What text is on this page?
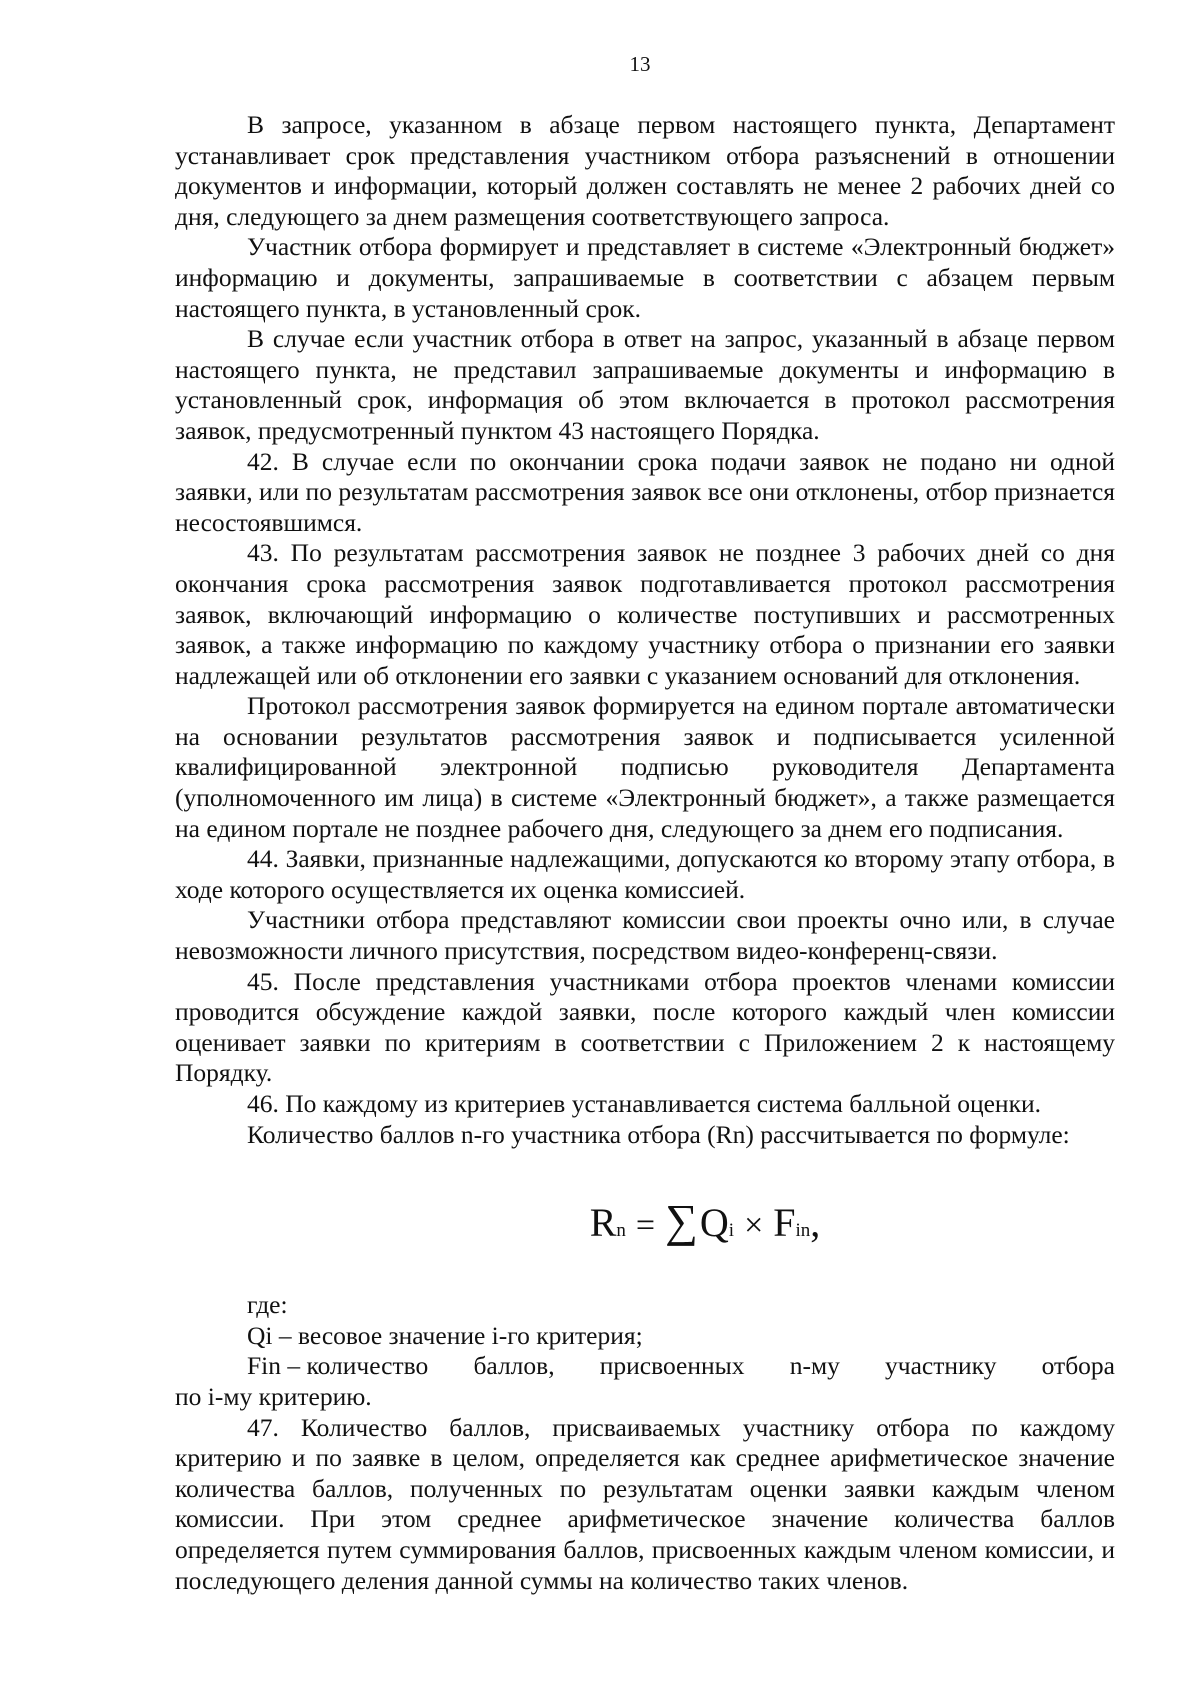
13

В запросе, указанном в абзаце первом настоящего пункта, Департамент устанавливает срок представления участником отбора разъяснений в отношении документов и информации, который должен составлять не менее 2 рабочих дней со дня, следующего за днем размещения соответствующего запроса.

Участник отбора формирует и представляет в системе «Электронный бюджет» информацию и документы, запрашиваемые в соответствии с абзацем первым настоящего пункта, в установленный срок.

В случае если участник отбора в ответ на запрос, указанный в абзаце первом настоящего пункта, не представил запрашиваемые документы и информацию в установленный срок, информация об этом включается в протокол рассмотрения заявок, предусмотренный пунктом 43 настоящего Порядка.

42. В случае если по окончании срока подачи заявок не подано ни одной заявки, или по результатам рассмотрения заявок все они отклонены, отбор признается несостоявшимся.

43. По результатам рассмотрения заявок не позднее 3 рабочих дней со дня окончания срока рассмотрения заявок подготавливается протокол рассмотрения заявок, включающий информацию о количестве поступивших и рассмотренных заявок, а также информацию по каждому участнику отбора о признании его заявки надлежащей или об отклонении его заявки с указанием оснований для отклонения.

Протокол рассмотрения заявок формируется на едином портале автоматически на основании результатов рассмотрения заявок и подписывается усиленной квалифицированной электронной подписью руководителя Департамента (уполномоченного им лица) в системе «Электронный бюджет», а также размещается на едином портале не позднее рабочего дня, следующего за днем его подписания.

44. Заявки, признанные надлежащими, допускаются ко второму этапу отбора, в ходе которого осуществляется их оценка комиссией.

Участники отбора представляют комиссии свои проекты очно или, в случае невозможности личного присутствия, посредством видео-конференц-связи.

45. После представления участниками отбора проектов членами комиссии проводится обсуждение каждой заявки, после которого каждый член комиссии оценивает заявки по критериям в соответствии с Приложением 2 к настоящему Порядку.

46. По каждому из критериев устанавливается система балльной оценки.

Количество баллов n-го участника отбора (Rn) рассчитывается по формуле:

R n = ∑ Q i × F in ,

где:

Qi – весовое значение i-го критерия;

Fin – количество баллов, присвоенных n-му участнику отбора

по i-му критерию.

47. Количество баллов, присваиваемых участнику отбора по каждому критерию и по заявке в целом, определяется как среднее арифметическое значение количества баллов, полученных по результатам оценки заявки каждым членом комиссии. При этом среднее арифметическое значение количества баллов определяется путем суммирования баллов, присвоенных каждым членом комиссии, и последующего деления данной суммы на количество таких членов.
